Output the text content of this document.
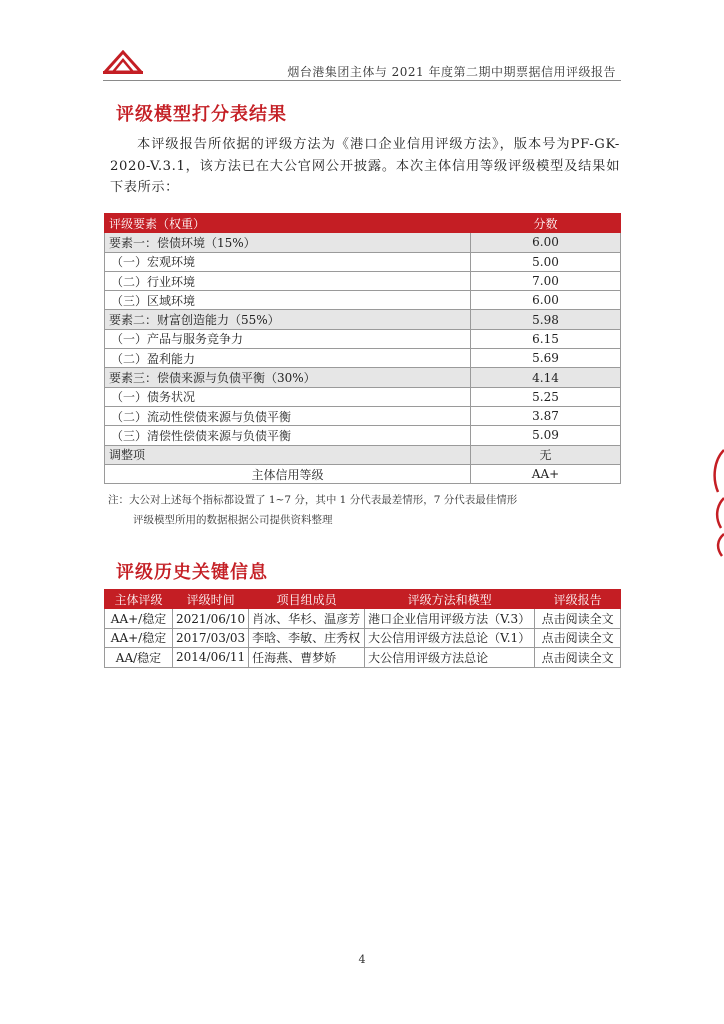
烟台港集团主体与 2021 年度第二期中期票据信用评级报告
评级模型打分表结果

本评级报告所依据的评级方法为《港口企业信用评级方法》，版本号为PF-GK-2020-V.3.1，该方法已在大公官网公开披露。本次主体信用等级评级模型及结果如下表所示：

评级要素（权重）	分数
要素一：偿债环境（15%）	6.00
（一）宏观环境	5.00
（二）行业环境	7.00
（三）区域环境	6.00
要素二：财富创造能力（55%）	5.98
（一）产品与服务竞争力	6.15
（二）盈利能力	5.69
要素三：偿债来源与负债平衡（30%）	4.14
（一）债务状况	5.25
（二）流动性偿债来源与负债平衡	3.87
（三）清偿性偿债来源与负债平衡	5.09
调整项	无
主体信用等级	AA+
注：大公对上述每个指标都设置了 1~7 分，其中 1 分代表最差情形，7 分代表最佳情形
评级模型所用的数据根据公司提供资料整理
评级历史关键信息
主体评级	评级时间	项目组成员	评级方法和模型	评级报告
AA+/稳定	2021/06/10	肖冰、华杉、温彦芳	港口企业信用评级方法（V.3）	点击阅读全文
AA+/稳定	2017/03/03	李晗、李敏、庄秀权	大公信用评级方法总论（V.1）	点击阅读全文
AA/稳定	2014/06/11	任海燕、曹梦娇	大公信用评级方法总论	点击阅读全文
4
